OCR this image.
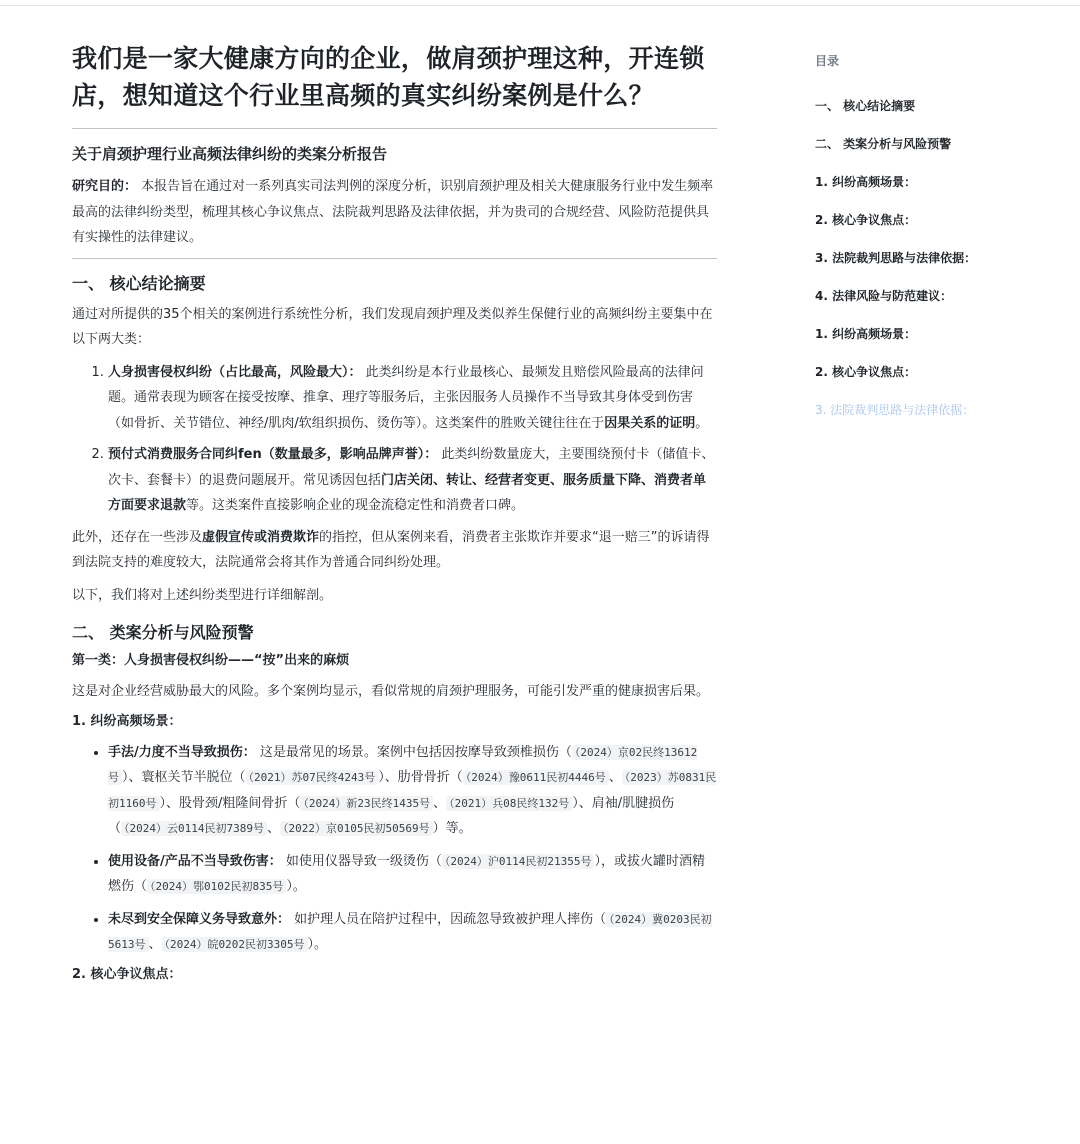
我们是一家大健康方向的企业，做肩颈护理这种，开连锁店，想知道这个行业里高频的真实纠纷案例是什么？
关于肩颈护理行业高频法律纠纷的类案分析报告

研究目的： 本报告旨在通过对一系列真实司法判例的深度分析，识别肩颈护理及相关大健康服务行业中发生频率最高的法律纠纷类型，梳理其核心争议焦点、法院裁判思路及法律依据，并为贵司的合规经营、风险防范提供具有实操性的法律建议。

一、 核心结论摘要

通过对所提供的35个相关的案例进行系统性分析，我们发现肩颈护理及类似养生保健行业的高频纠纷主要集中在以下两大类：

1. 人身损害侵权纠纷（占比最高，风险最大）： 此类纠纷是本行业最核心、最频发且赔偿风险最高的法律问题。通常表现为顾客在接受按摩、推拿、理疗等服务后，主张因服务人员操作不当导致其身体受到伤害（如骨折、关节错位、神经/肌肉/软组织损伤、烫伤等）。这类案件的胜败关键往往在于因果关系的证明。
2. 预付式消费服务合同纠fen（数量最多，影响品牌声誉）： 此类纠纷数量庞大，主要围绕预付卡（储值卡、次卡、套餐卡）的退费问题展开。常见诱因包括门店关闭、转让、经营者变更、服务质量下降、消费者单方面要求退款等。这类案件直接影响企业的现金流稳定性和消费者口碑。

此外，还存在一些涉及虚假宣传或消费欺诈的指控，但从案例来看，消费者主张欺诈并要求“退一赔三”的诉请得到法院支持的难度较大，法院通常会将其作为普通合同纠纷处理。

以下，我们将对上述纠纷类型进行详细解剖。

二、 类案分析与风险预警
第一类：人身损害侵权纠纷——“按”出来的麻烦

这是对企业经营威胁最大的风险。多个案例均显示，看似常规的肩颈护理服务，可能引发严重的健康损害后果。

1. 纠纷高频场景：
• 手法/力度不当导致损伤： 这是最常见的场景。案例中包括因按摩导致颈椎损伤（ （2024）京02民终13612号 ）、寰枢关节半脱位（ （2021）苏07民终4243号 ）、肋骨骨折（ （2024）豫0611民初4446号 、 （2023）苏0831民初1160号 ）、股骨颈/粗隆间骨折（ （2024）新23民终1435号 、 （2021）兵08民终132号 ）、肩袖/肌腱损伤（ （2024）云0114民初7389号 、 （2022）京0105民初50569号 ）等。
• 使用设备/产品不当导致伤害： 如使用仪器导致一级烫伤（ （2024）沪0114民初21355号 ），或拔火罐时酒精燃伤（ （2024）鄂0102民初835号 ）。
• 未尽到安全保障义务导致意外： 如护理人员在陪护过程中，因疏忽导致被护理人摔伤（ （2024）冀0203民初5613号 、 （2024）皖0202民初3305号 ）。
2. 核心争议焦点：
目录
一、 核心结论摘要
二、 类案分析与风险预警
1. 纠纷高频场景：
2. 核心争议焦点：
3. 法院裁判思路与法律依据：
4. 法律风险与防范建议：
1. 纠纷高频场景：
2. 核心争议焦点：
3. 法院裁判思路与法律依据：
